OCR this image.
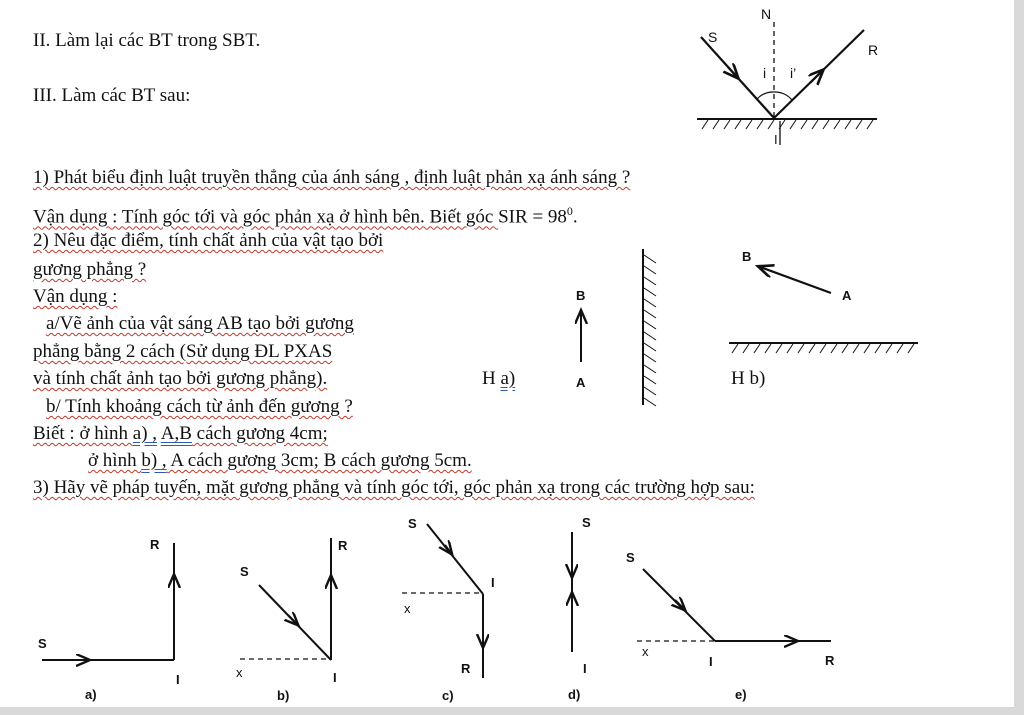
II. Làm lại các BT trong SBT.
III. Làm các BT sau:
1) Phát biểu định luật truyền thẳng của ánh sáng , định luật phản xạ ánh sáng ?
Vận dụng : Tính góc tới và góc phản xạ ở hình bên. Biết góc SIR = $98^0$.
2) Nêu đặc điểm, tính chất ảnh của vật tạo bởi
gương phẳng ?
Vận dụng :
a/Vẽ ảnh của vật sáng AB tạo bởi gương
phẳng bằng 2 cách (Sử dụng ĐL PXAS
và tính chất ảnh tạo bởi gương phẳng).
b/ Tính khoảng cách từ ảnh đến gương ?
Biết : ở hình a) , A,B cách gương 4cm;
ở hình b) , A cách gương 3cm; B cách gương 5cm.
3) Hãy vẽ pháp tuyến, mặt gương phẳng và tính góc tới, góc phản xạ trong các trường hợp sau:
H a)	H b)
S
R
N
i i’
I
B
A
B
A
R
S
I
a)
R
S
I
x
b)
S
I
x
R
c)
S
I
d)
S
I
x
R
e)
